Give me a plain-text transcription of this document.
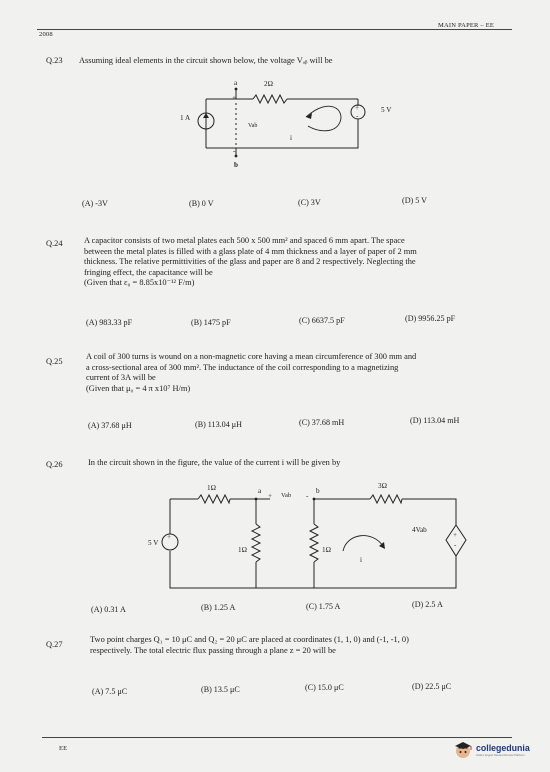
2008
MAIN PAPER – EE
Q.23 Assuming ideal elements in the circuit shown below, the voltage Vₐᵦ will be
a
b
2Ω
1 A
5 V
Vab
i
+
-
+
-
(A) -3V	(B) 0 V	(C) 3V	(D) 5 V
Q.24	A capacitor consists of two metal plates each 500 x 500 mm² and spaced 6 mm apart. The space
between the metal plates is filled with a glass plate of 4 mm thickness and a layer of paper of 2 mm
thickness. The relative permittivities of the glass and paper are 8 and 2 respectively. Neglecting the
fringing effect, the capacitance will be
(Given that ε₀ = 8.85x10⁻¹² F/m)
(A) 983.33 pF	(B) 1475 pF	(C) 6637.5 pF	(D) 9956.25 pF
Q.25
A coil of 300 turns is wound on a non-magnetic core having a mean circumference of 300 mm and
a cross-sectional area of 300 mm². The inductance of the coil corresponding to a magnetizing
current of 3A will be
(Given that μ₀ = 4 π x10⁷ H/m)
(A) 37.68 μH	(B) 113.04 μH	(C) 37.68 mH	(D) 113.04 mH
Q.26	In the circuit shown in the figure, the value of the current i will be given by
1Ω	3Ω
1Ω	1Ω
5 V
4Vab
a	b
+ Vab -
+	+
-
i
(A) 0.31 A	(B) 1.25 A	(C) 1.75 A	(D) 2.5 A
Q.27
Two point charges Q₁ = 10 μC and Q₂ = 20 μC are placed at coordinates (1, 1, 0) and (-1, -1, 0)
respectively. The total electric flux passing through a plane z = 20 will be
(A) 7.5 μC	(B) 13.5 μC	(C) 15.0 μC	(D) 22.5 μC
EE	collegedunia
India's largest Student Review Platform
